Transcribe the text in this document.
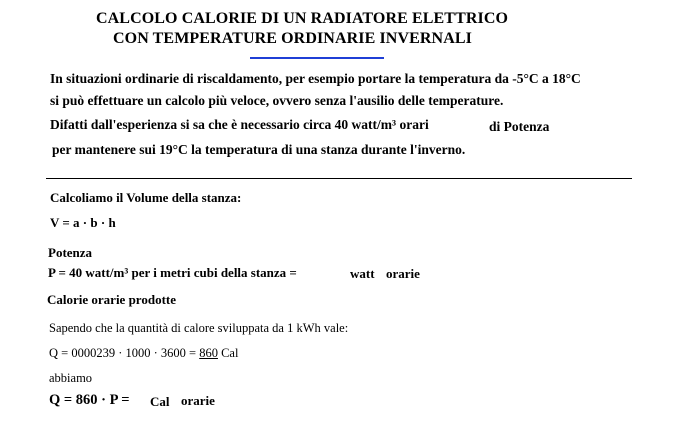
CALCOLO CALORIE DI UN RADIATORE ELETTRICO
CON TEMPERATURE ORDINARIE INVERNALI
In situazioni ordinarie di riscaldamento, per esempio portare la temperatura da -5°C a 18°C
si può effettuare un calcolo più veloce, ovvero senza l'ausilio delle temperature.
Difatti dall'esperienza si sa che è necessario circa 40 watt/m³ orari	di Potenza
per mantenere sui 19°C la temperatura di una stanza durante l'inverno.
Calcoliamo il Volume della stanza:
V = a · b · h
Potenza
P = 40 watt/m³ per i metri cubi della stanza =	watt orarie
Calorie orarie prodotte
Sapendo che la quantità di calore sviluppata da 1 kWh vale:
Q = 0000239 · 1000 · 3600 = 860 Cal
abbiamo
Q = 860 · P = Cal orarie
